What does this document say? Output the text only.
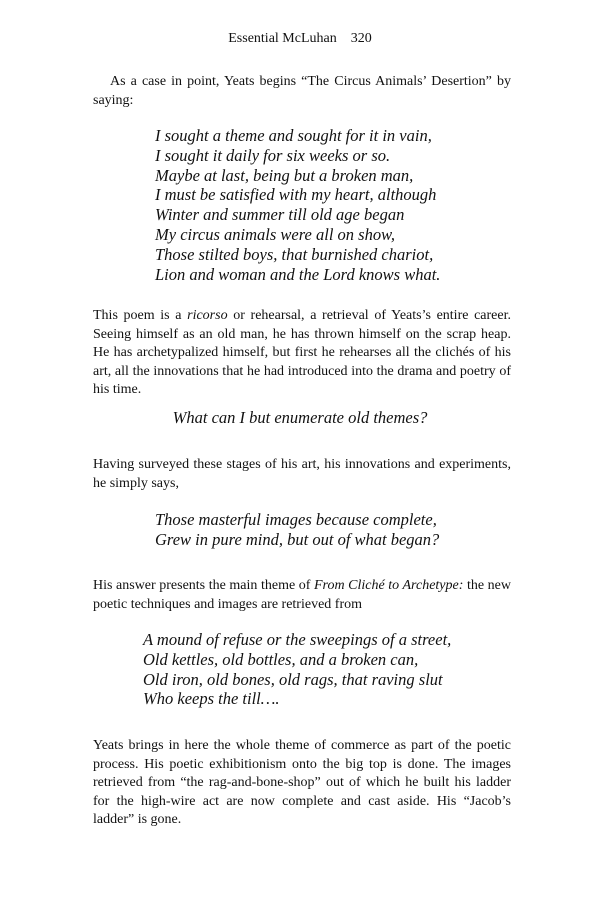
Essential McLuhan 320

As a case in point, Yeats begins “The Circus Animals’ Desertion” by saying:

I sought a theme and sought for it in vain,
I sought it daily for six weeks or so.
Maybe at last, being but a broken man,
I must be satisfied with my heart, although
Winter and summer till old age began
My circus animals were all on show,
Those stilted boys, that burnished chariot,
Lion and woman and the Lord knows what.

This poem is a ricorso or rehearsal, a retrieval of Yeats’s entire career. Seeing himself as an old man, he has thrown himself on the scrap heap. He has archetypalized himself, but first he rehearses all the clichés of his art, all the innovations that he had introduced into the drama and poetry of his time.

What can I but enumerate old themes?

Having surveyed these stages of his art, his innovations and experiments, he simply says,

Those masterful images because complete,
Grew in pure mind, but out of what began?

His answer presents the main theme of From Cliché to Archetype: the new poetic techniques and images are retrieved from

A mound of refuse or the sweepings of a street,
Old kettles, old bottles, and a broken can,
Old iron, old bones, old rags, that raving slut
Who keeps the till….

Yeats brings in here the whole theme of commerce as part of the poetic process. His poetic exhibitionism onto the big top is done. The images retrieved from “the rag-and-bone-shop” out of which he built his ladder for the high-wire act are now complete and cast aside. His “Jacob’s ladder” is gone.
